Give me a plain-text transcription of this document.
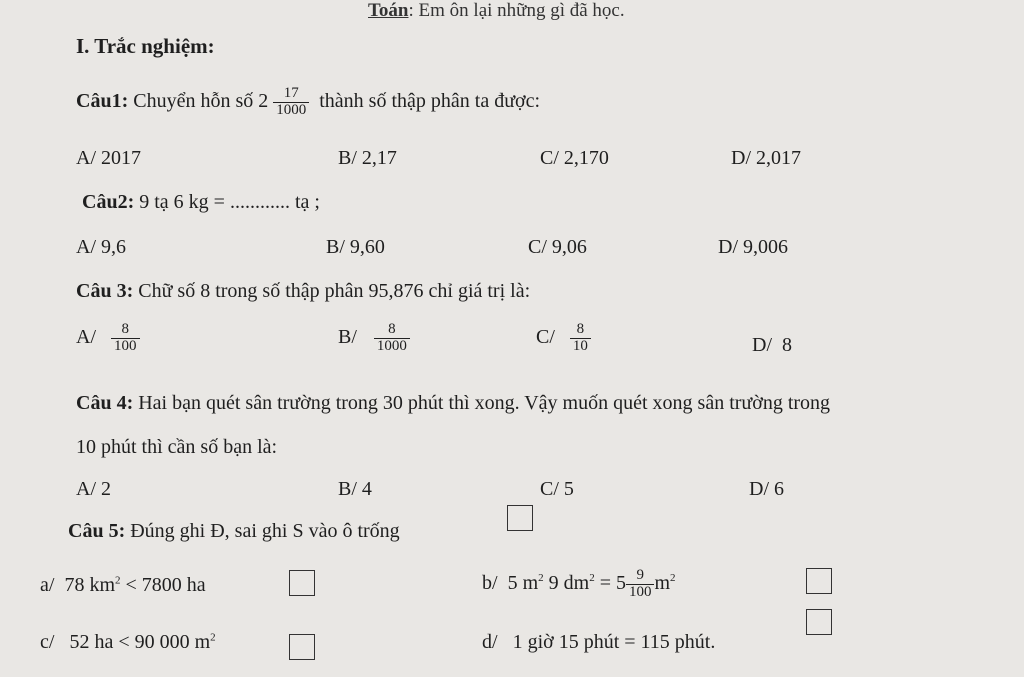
Toán: Em ôn lại những gì đã học.
I. Trắc nghiệm:
Câu1: Chuyển hỗn số $2 \frac{17}{1000}$ thành số thập phân ta được:
A/ 2017	B/ 2,17	C/ 2,170	D/ 2,017
Câu2: 9 tạ 6 kg = ............ tạ ;
A/ 9,6	B/ 9,60	C/ 9,06	D/ 9,006
Câu 3: Chữ số 8 trong số thập phân 95,876 chỉ giá trị là:
$A/ \frac{8}{100}$	$B/ \frac{8}{1000}$	$C/ \frac{8}{10}$	D/ 8
Câu 4: Hai bạn quét sân trường trong 30 phút thì xong. Vậy muốn quét xong sân trường trong
10 phút thì cần số bạn là:
A/ 2	B/ 4	C/ 5	D/ 6
Câu 5: Đúng ghi Đ, sai ghi S vào ô trống
a/ 78 $km^2 < 7800$ ha	b/ 5 $m^2$ 9 $dm^2 = 5 \frac{9}{100} m^2$
c/ 52 ha < 90 000 $m^2$	d/ 1 giờ 15 phút = 115 phút.
